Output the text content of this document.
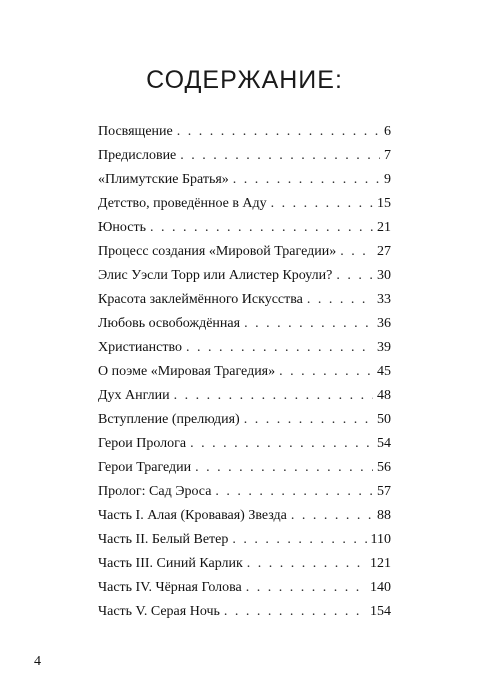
СОДЕРЖАНИЕ:
Посвящение . . .	6
Предисловие . . .	7
«Плимутские Братья» . . .	9
Детство, проведённое в Аду . . .	15
Юность . . .	21
Процесс создания «Мировой Трагедии» . . .	27
Элис Уэсли Торр или Алистер Кроули? . . .	30
Красота заклеймённого Искусства . . .	33
Любовь освобождённая . . .	36
Христианство . . .	39
О поэме «Мировая Трагедия» . . .	45
Дух Англии . . .	48
Вступление (прелюдия) . . .	50
Герои Пролога . . .	54
Герои Трагедии . . .	56
Пролог: Сад Эроса . . .	57
Часть I. Алая (Кровавая) Звезда . . .	88
Часть II. Белый Ветер . . .	110
Часть III. Синий Карлик . . .	121
Часть IV. Чёрная Голова . . .	140
Часть V. Серая Ночь . . .	154
4
